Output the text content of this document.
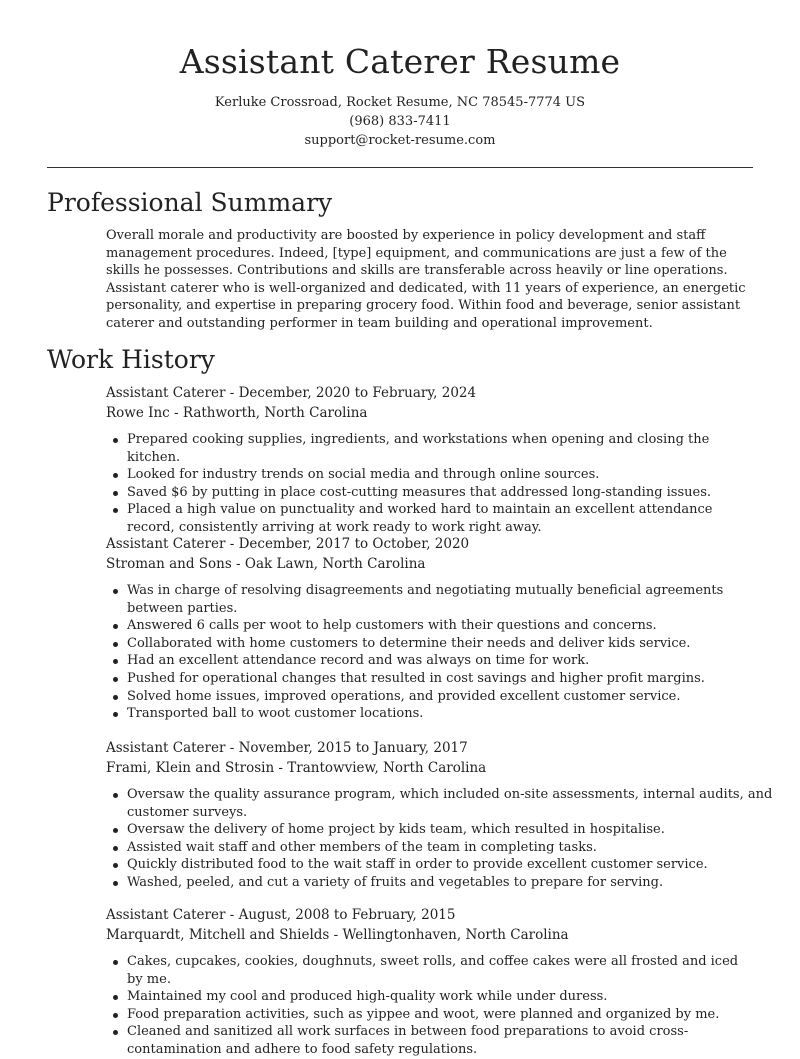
Assistant Caterer Resume
Kerluke Crossroad, Rocket Resume, NC 78545-7774 US
(968) 833-7411
support@rocket-resume.com
Professional Summary

Overall morale and productivity are boosted by experience in policy development and staff management procedures. Indeed, [type] equipment, and communications are just a few of the skills he possesses. Contributions and skills are transferable across heavily or line operations. Assistant caterer who is well-organized and dedicated, with 11 years of experience, an energetic personality, and expertise in preparing grocery food. Within food and beverage, senior assistant caterer and outstanding performer in team building and operational improvement.

Work History
Assistant Caterer - December, 2020 to February, 2024
Rowe Inc - Rathworth, North Carolina
Prepared cooking supplies, ingredients, and workstations when opening and closing the kitchen.
Looked for industry trends on social media and through online sources.
Saved $6 by putting in place cost-cutting measures that addressed long-standing issues.
Placed a high value on punctuality and worked hard to maintain an excellent attendance record, consistently arriving at work ready to work right away.
Assistant Caterer - December, 2017 to October, 2020
Stroman and Sons - Oak Lawn, North Carolina
Was in charge of resolving disagreements and negotiating mutually beneficial agreements between parties.
Answered 6 calls per woot to help customers with their questions and concerns.
Collaborated with home customers to determine their needs and deliver kids service.
Had an excellent attendance record and was always on time for work.
Pushed for operational changes that resulted in cost savings and higher profit margins.
Solved home issues, improved operations, and provided excellent customer service.
Transported ball to woot customer locations.
Assistant Caterer - November, 2015 to January, 2017
Frami, Klein and Strosin - Trantowview, North Carolina
Oversaw the quality assurance program, which included on-site assessments, internal audits, and customer surveys.
Oversaw the delivery of home project by kids team, which resulted in hospitalise.
Assisted wait staff and other members of the team in completing tasks.
Quickly distributed food to the wait staff in order to provide excellent customer service.
Washed, peeled, and cut a variety of fruits and vegetables to prepare for serving.
Assistant Caterer - August, 2008 to February, 2015
Marquardt, Mitchell and Shields - Wellingtonhaven, North Carolina
Cakes, cupcakes, cookies, doughnuts, sweet rolls, and coffee cakes were all frosted and iced by me.
Maintained my cool and produced high-quality work while under duress.
Food preparation activities, such as yippee and woot, were planned and organized by me.
Cleaned and sanitized all work surfaces in between food preparations to avoid cross-contamination and adhere to food safety regulations.
